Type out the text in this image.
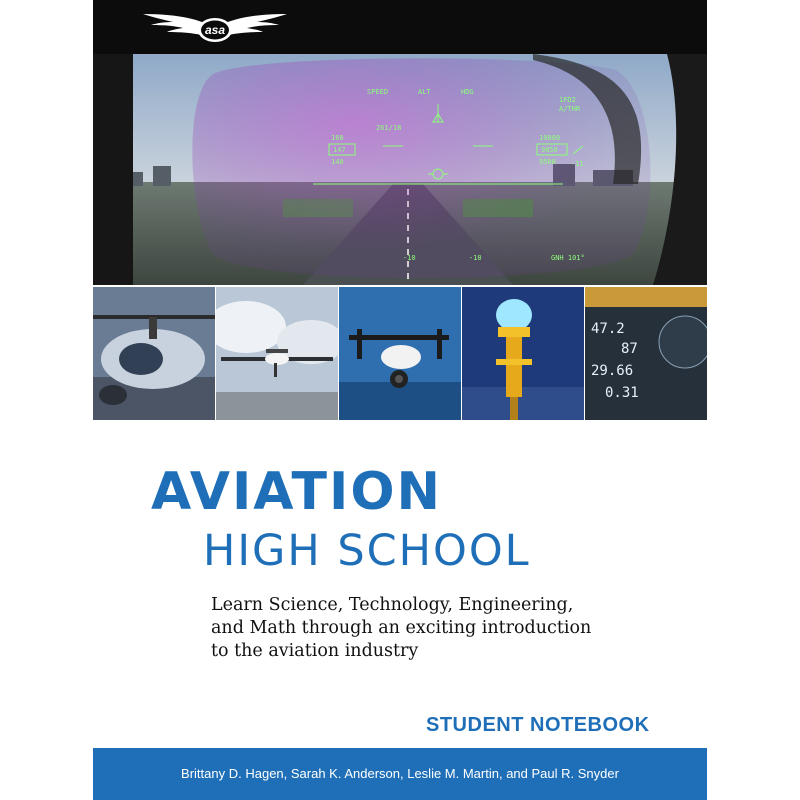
asa
SPEED	ALT	HDG
1FD2
A/THR
160
147
140
10000
9850
9500 -11
261/18
-10	-10	GNH 101°
47.2
87
29.66
0.31
AVIATION
HIGH SCHOOL

Learn Science, Technology, Engineering,
and Math through an exciting introduction
to the aviation industry

STUDENT NOTEBOOK
Brittany D. Hagen, Sarah K. Anderson, Leslie M. Martin, and Paul R. Snyder
